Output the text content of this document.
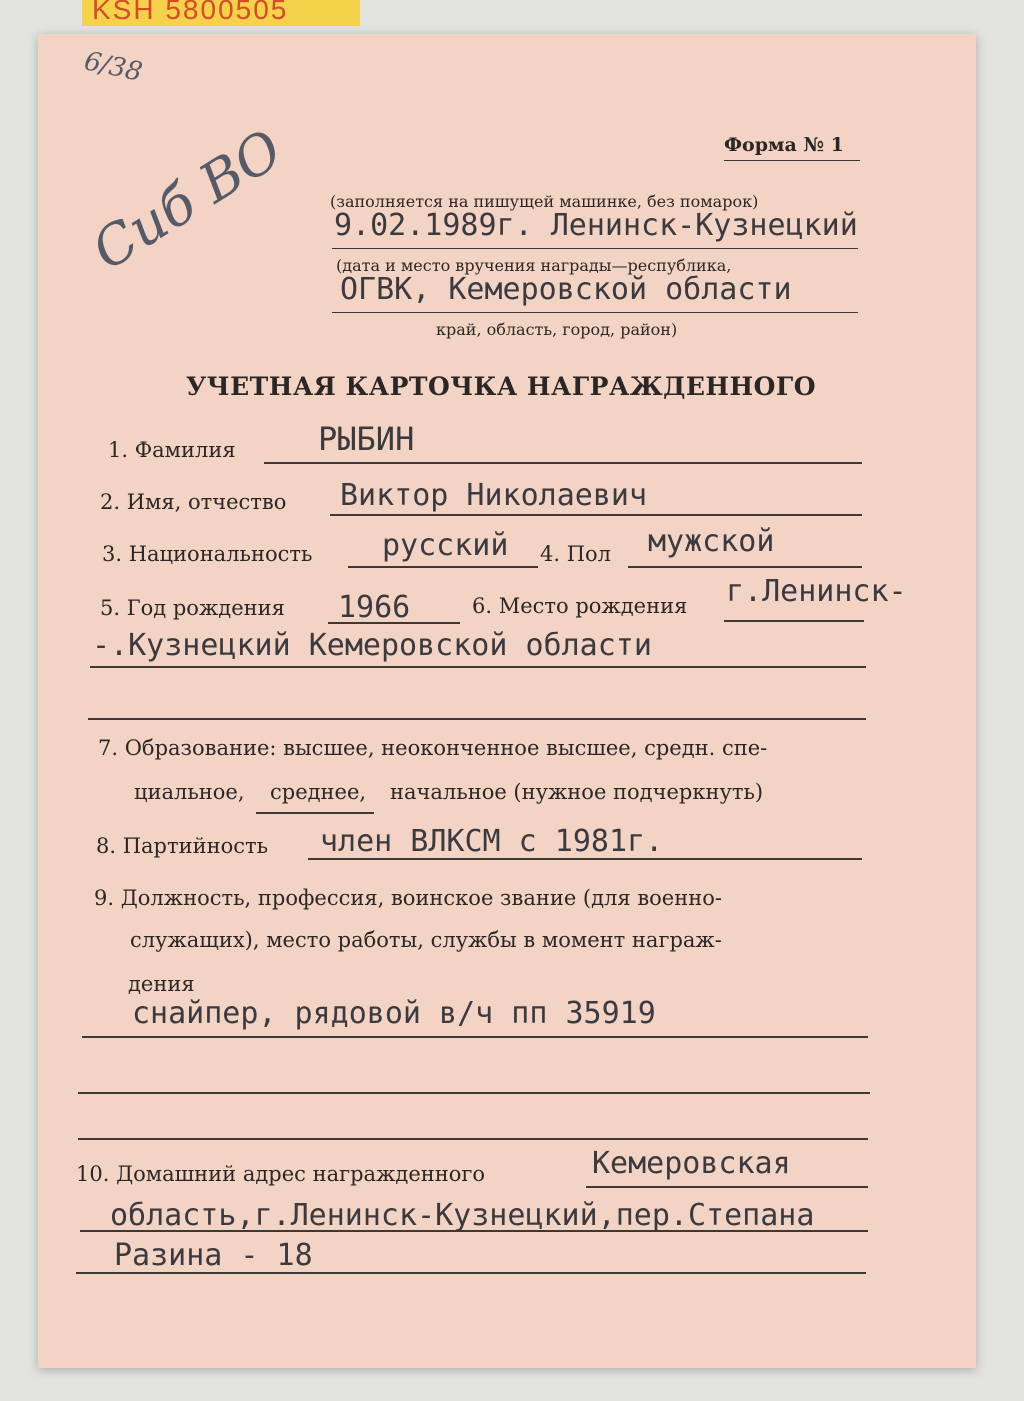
KSH 5800505
6/38
Сиб ВО	Форма № 1
(заполняется на пишущей машинке, без помарок)
9.02.1989г. Ленинск-Кузнецкий
(дата и место вручения награды—республика,
ОГВК, Кемеровской области
край, область, город, район)
УЧЕТНАЯ КАРТОЧКА НАГРАЖДЕННОГО
1. Фамилия	РЫБИН
2. Имя, отчество Виктор Николаевич
3. Национальность русский 4. Пол мужской
5. Год рождения 1966	6. Место рождения г.Ленинск-
-.Кузнецкий Кемеровской области
7. Образование: высшее, неоконченное высшее, средн. спе-
циальное, среднее, начальное (нужное подчеркнуть)
8. Партийность член ВЛКСМ с 1981г.
9. Должность, профессия, воинское звание (для военно-
служащих), место работы, службы в момент награж-
дения
снайпер, рядовой в/ч пп 35919
10. Домашний адрес награжденного	Кемеровская
область,г.Ленинск-Кузнецкий,пер.Степана
Разина - 18
